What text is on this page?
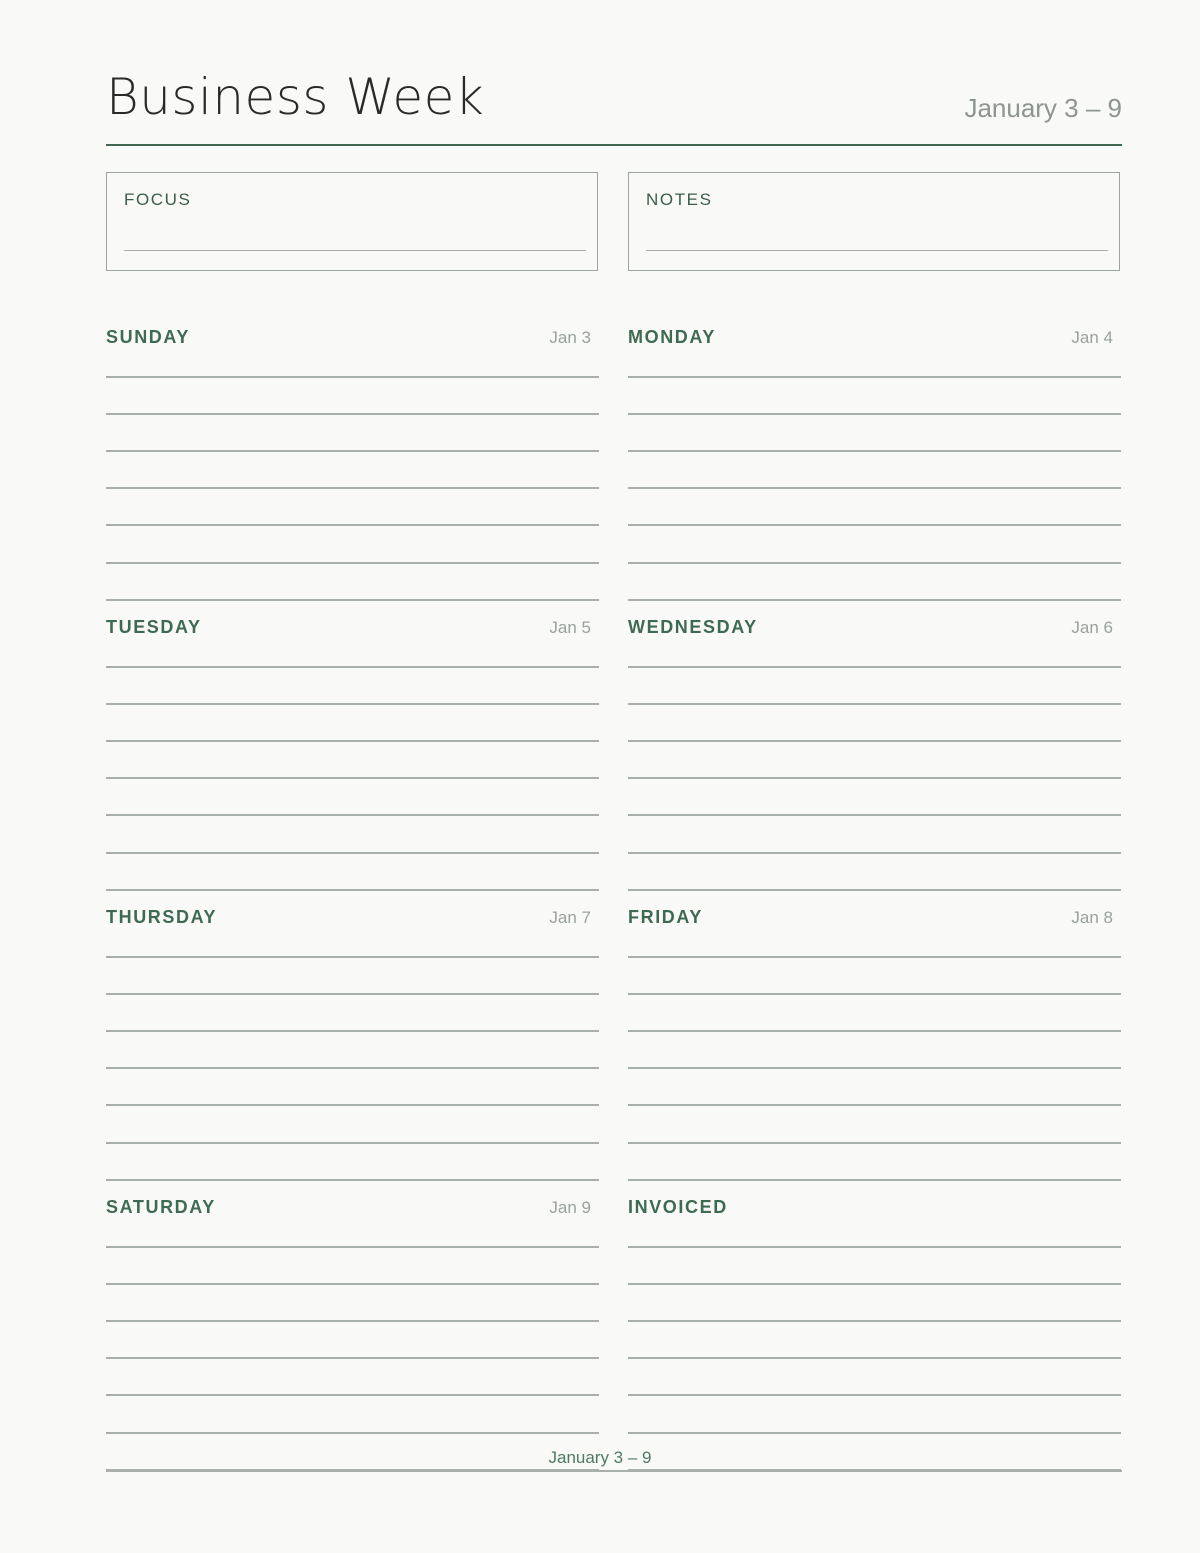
Business Week	January 3 – 9
FOCUS	NOTES
SUNDAY	Jan 3 MONDAY	Jan 4
TUESDAY	Jan 5 WEDNESDAY	Jan 6
THURSDAY	Jan 7 FRIDAY	Jan 8
SATURDAY	Jan 9 INVOICED
January 3 – 9
